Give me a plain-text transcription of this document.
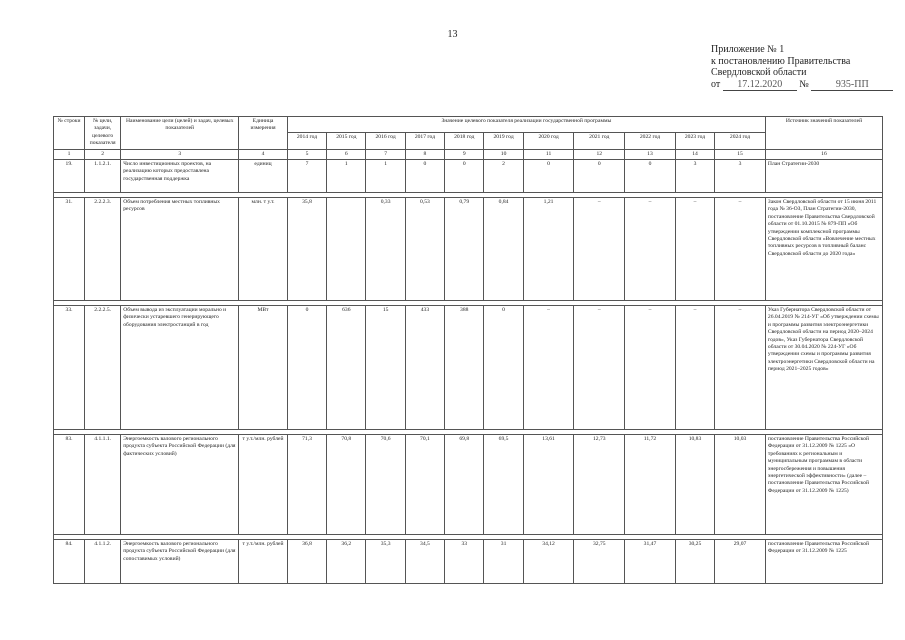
13
Приложение № 1
к постановлению Правительства
Свердловской области
от 17.12.2020 №	935-ПП
№ строки	№ цели, задачи, целевого показателя	Наименование цели (целей) и задач, целевых показателей	Единица измерения	Значение целевого показателя реализации государственной программы											Источник значений показателей
				2014 год	2015 год	2016 год	2017 год	2018 год	2019 год	2020 год	2021 год	2022 год	2023 год	2024 год	
1	2	3	4	5	6	7	8	9	10	11	12	13	14	15	16
19.	1.1.2.1.	Число инвестиционных проектов, на реализацию которых предоставлена государственная поддержка	единиц	7	1	1	0	0	2	0	0	0	3	3	План Стратегии-2030

31.	2.2.2.3.	Объем потребления местных топливных ресурсов	млн. т у.т.	35,8		0,33	0,53	0,79	0,84	1,21	–	–	–	–	Закон Свердловской области от 15 июня 2011 года № 36-ОЗ, План Стратегии-2030, постановление Правительства Свердловской области от 01.10.2015 № 879-ПП «Об утверждении комплексной программы Свердловской области «Вовлечение местных топливных ресурсов в топливный баланс Свердловской области до 2020 года»

33.	2.2.2.5.	Объем вывода из эксплуатации морально и физически устаревшего генерирующего оборудования электростанций в год	МВт	0	636	15	433	388	0	–	–	–	–	–	Указ Губернатора Свердловской области от 26.04.2019 № 214-УГ «Об утверждении схемы и программы развития электроэнергетики Свердловской области на период 2020–2024 годов», Указ Губернатора Свердловской области от 30.04.2020 № 224-УГ «Об утверждении схемы и программы развития электроэнергетики Свердловской области на период 2021–2025 годов»

83.	4.1.1.1.	Энергоемкость валового регионального продукта субъекта Российской Федерации (для фактических условий)	т у.т./млн. рублей	71,3	70,8	70,6	70,1	69,8	69,5	13,61	12,73	11,72	10,83	10,03	постановление Правительства Российской Федерации от 31.12.2009 № 1225 «О требованиях к региональным и муниципальным программам в области энергосбережения и повышения энергетической эффективности» (далее – постановление Правительства Российской Федерации от 31.12.2009 № 1225)

84.	4.1.1.2.	Энергоемкость валового регионального продукта субъекта Российской Федерации (для сопоставимых условий)	т у.т./млн. рублей	36,8	36,2	35,3	34,5	33	31	34,12	32,75	31,47	30,25	29,07	постановление Правительства Российской Федерации от 31.12.2009 № 1225
